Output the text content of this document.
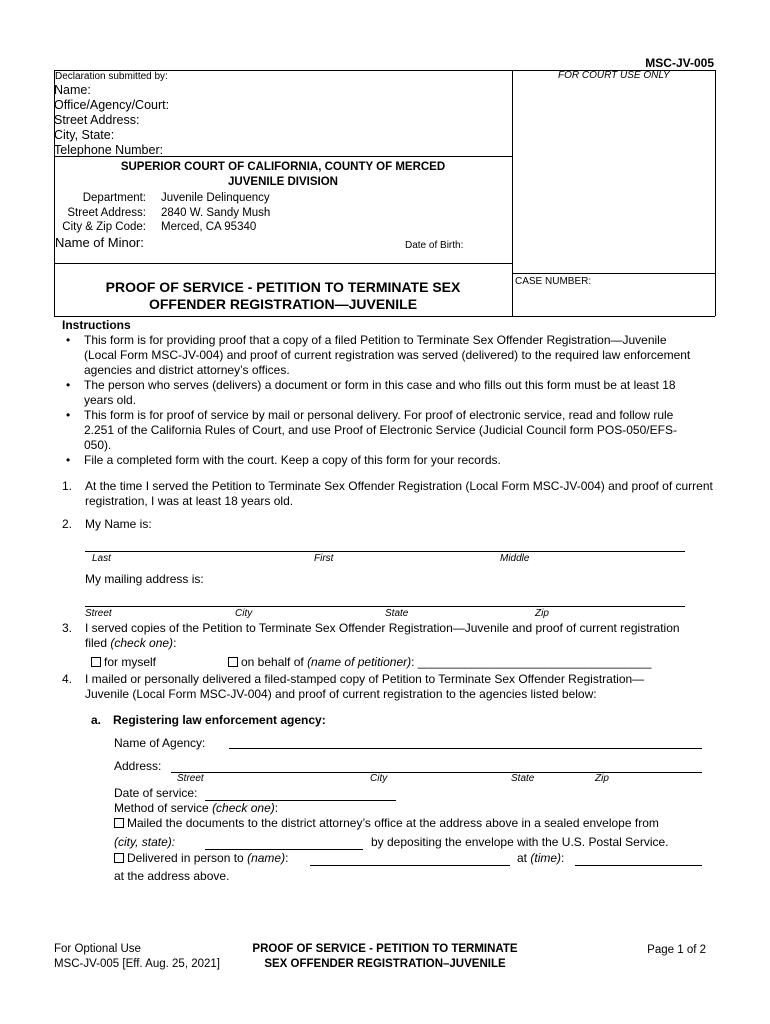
MSC-JV-005
FOR COURT USE ONLY
Declaration submitted by:
Name:
Office/Agency/Court:
Street Address:
City, State:
Telephone Number:
SUPERIOR COURT OF CALIFORNIA, COUNTY OF MERCED
JUVENILE DIVISION
Department: Juvenile Delinquency
Street Address: 2840 W. Sandy Mush
City & Zip Code: Merced, CA 95340
Name of Minor:	Date of Birth:
PROOF OF SERVICE - PETITION TO TERMINATE SEX
OFFENDER REGISTRATION—JUVENILE
CASE NUMBER:
Instructions
• This form is for providing proof that a copy of a filed Petition to Terminate Sex Offender Registration—Juvenile (Local Form MSC-JV-004) and proof of current registration was served (delivered) to the required law enforcement agencies and district attorney’s offices.
• The person who serves (delivers) a document or form in this case and who fills out this form must be at least 18 years old.
• This form is for proof of service by mail or personal delivery. For proof of electronic service, read and follow rule 2.251 of the California Rules of Court, and use Proof of Electronic Service (Judicial Council form POS-050/EFS-050).
• File a completed form with the court. Keep a copy of this form for your records.
1. At the time I served the Petition to Terminate Sex Offender Registration (Local Form MSC-JV-004) and proof of current registration, I was at least 18 years old.
2. My Name is:
Last	First	Middle
My mailing address is:
Street	City	State	Zip
3. I served copies of the Petition to Terminate Sex Offender Registration—Juvenile and proof of current registration filed (check one):
for myself	on behalf of (name of petitioner): ___________________________________
4. I mailed or personally delivered a filed-stamped copy of Petition to Terminate Sex Offender Registration—Juvenile (Local Form MSC-JV-004) and proof of current registration to the agencies listed below:
a. Registering law enforcement agency:
Name of Agency:
Address:
Street	City	State	Zip
Date of service:
Method of service (check one):
Mailed the documents to the district attorney’s office at the address above in a sealed envelope from
(city, state):	by depositing the envelope with the U.S. Postal Service.
Delivered in person to (name):	at (time):
at the address above.
For Optional Use
MSC-JV-005 [Eff. Aug. 25, 2021]
PROOF OF SERVICE - PETITION TO TERMINATE
SEX OFFENDER REGISTRATION–JUVENILE
Page 1 of 2
